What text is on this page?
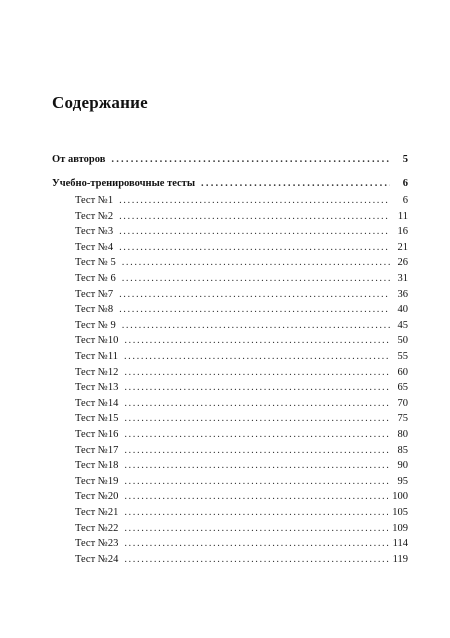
Содержание
От авторов .....	5
Учебно-тренировочные тесты .....	6
Тест №1 .....	6
Тест №2 .....	11
Тест №3 .....	16
Тест №4 .....	21
Тест № 5 .....	26
Тест № 6 .....	31
Тест №7 .....	36
Тест №8 .....	40
Тест № 9 .....	45
Тест №10 .....	50
Тест №11 .....	55
Тест №12 .....	60
Тест №13 .....	65
Тест №14 .....	70
Тест №15 .....	75
Тест №16 .....	80
Тест №17 .....	85
Тест №18 .....	90
Тест №19 .....	95
Тест №20 .....	100
Тест №21 .....	105
Тест №22 .....	109
Тест №23 .....	114
Тест №24 .....	119
